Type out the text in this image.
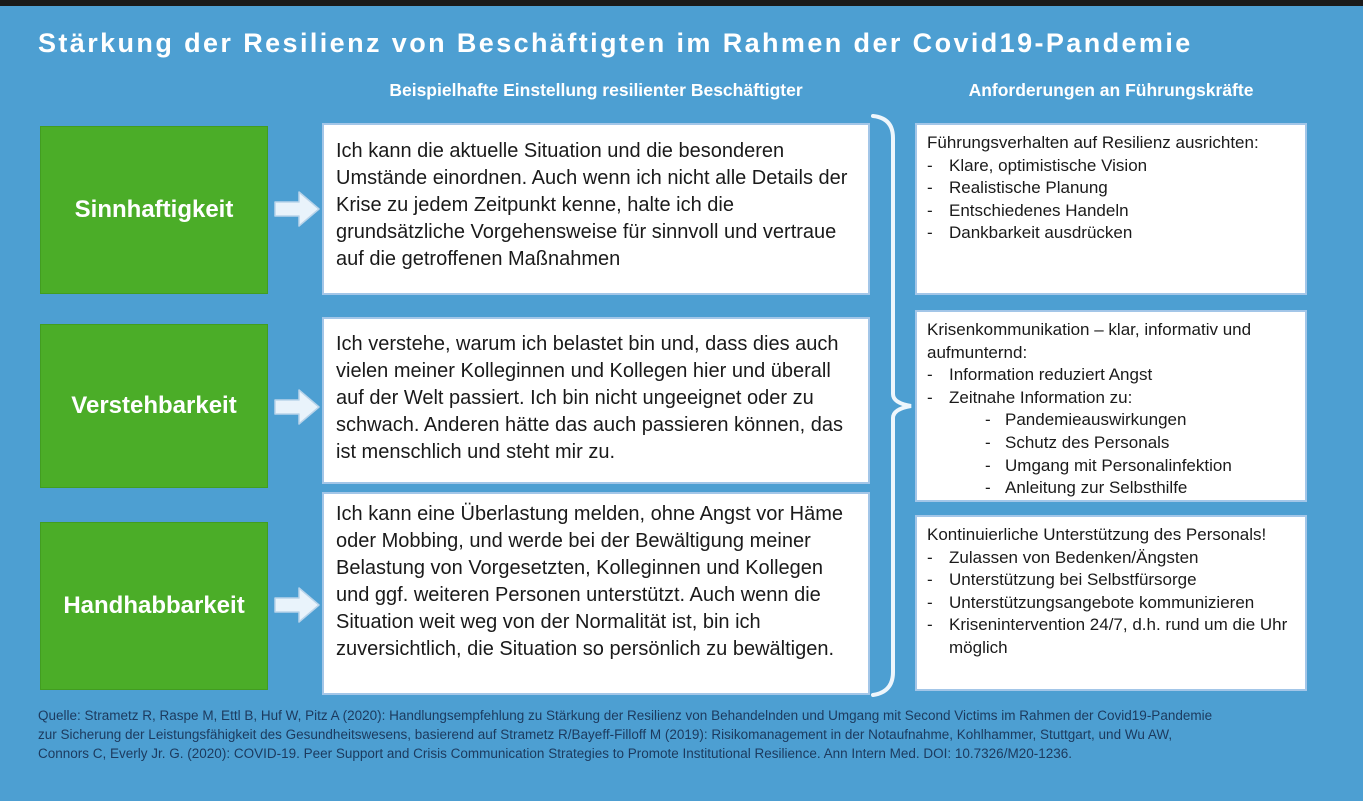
Stärkung der Resilienz von Beschäftigten im Rahmen der Covid19-Pandemie
Beispielhafte Einstellung resilienter Beschäftigter	Anforderungen an Führungskräfte
Sinnhaftigkeit
Verstehbarkeit
Handhabbarkeit
Ich kann die aktuelle Situation und die besonderen Umstände einordnen. Auch wenn ich nicht alle Details der Krise zu jedem Zeitpunkt kenne, halte ich die grundsätzliche Vorgehensweise für sinnvoll und vertraue auf die getroffenen Maßnahmen
Ich verstehe, warum ich belastet bin und, dass dies auch vielen meiner Kolleginnen und Kollegen hier und überall auf der Welt passiert. Ich bin nicht ungeeignet oder zu schwach. Anderen hätte das auch passieren können, das ist menschlich und steht mir zu.
Ich kann eine Überlastung melden, ohne Angst vor Häme oder Mobbing, und werde bei der Bewältigung meiner Belastung von Vorgesetzten, Kolleginnen und Kollegen und ggf. weiteren Personen unterstützt. Auch wenn die Situation weit weg von der Normalität ist, bin ich zuversichtlich, die Situation so persönlich zu bewältigen.
Führungsverhalten auf Resilienz ausrichten:
- Klare, optimistische Vision
- Realistische Planung
- Entschiedenes Handeln
- Dankbarkeit ausdrücken
Krisenkommunikation – klar, informativ und aufmunternd:
- Information reduziert Angst
- Zeitnahe Information zu:
- Pandemieauswirkungen
- Schutz des Personals
- Umgang mit Personalinfektion
- Anleitung zur Selbsthilfe
Kontinuierliche Unterstützung des Personals!
- Zulassen von Bedenken/Ängsten
- Unterstützung bei Selbstfürsorge
- Unterstützungsangebote kommunizieren
- Krisenintervention 24/7, d.h. rund um die Uhr möglich
Quelle: Strametz R, Raspe M, Ettl B, Huf W, Pitz A (2020): Handlungsempfehlung zu Stärkung der Resilienz von Behandelnden und Umgang mit Second Victims im Rahmen der Covid19-Pandemie
zur Sicherung der Leistungsfähigkeit des Gesundheitswesens, basierend auf Strametz R/Bayeff-Filloff M (2019): Risikomanagement in der Notaufnahme, Kohlhammer, Stuttgart, und Wu AW,
Connors C, Everly Jr. G. (2020): COVID-19. Peer Support and Crisis Communication Strategies to Promote Institutional Resilience. Ann Intern Med. DOI: 10.7326/M20-1236.
